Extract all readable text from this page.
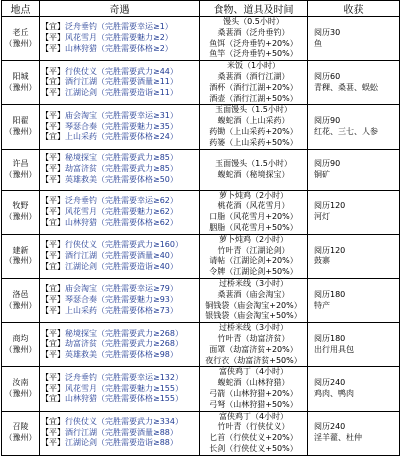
地点	奇遇	食物、道具及时间	收获

老丘
（豫州）	【宜】泛舟垂钓（完胜需要幸运≥1）
【平】风花雪月（完胜需要魅力≥2）
【平】山林狩猎（完胜需要体格≥2）	馒头（0.5小时）
桑葚酒（泛舟垂钓）
鱼饵（泛舟垂钓+20%）
鱼竿（泛舟垂钓+50%）	阅历30
鱼

阳城
（豫州）	【平】行侠仗义（完胜需要武力≥44）
【宜】酒行江湖（完胜需要酒量≥11）
【平】江湖论剑（完胜需要造诣≥11）	米饭（1小时）
桑葚酒（酒行江湖）
酒杯（酒行江湖+20%）
酒壶（酒行江湖+50%）	阅历60
青稞、桑葚、蜈蚣

阳翟
（豫州）	【平】庙会淘宝（完胜需要幸运≥31）
【平】琴瑟合奏（完胜需要魅力≥35）
【宜】上山采药（完胜需要体格≥24）	玉面馒头（1.5小时）
蝮蛇酒（上山采药）
药锄（上山采药+20%）
药篓（上山采药+50%）	阅历90
红花、三七、人参

许昌
（豫州）	【平】秘境探宝（完胜需要武力≥85）
【平】劫富济贫（完胜需要武力≥85）
【平】英雄救美（完胜需要体格≥50）	玉面馒头（1.5小时）
蝮蛇酒（秘境探宝）	阅历90
铜矿

牧野
（豫州）	【平】泛舟垂钓（完胜需要幸运≥62）
【平】风花雪月（完胜需要魅力≥62）
【宜】山林狩猎（完胜需要体格≥62）	萝卜炖鸡（2小时）
桃花酒（风花雪月）
口脂（风花雪月+20%）
胭脂（风花雪月+50%）	阅历120
河灯

建新
（豫州）	【平】行侠仗义（完胜需要武力≥160）
【平】酒行江湖（完胜需要酒量≥40）
【宜】江湖论剑（完胜需要造诣≥40）	萝卜炖鸡（2小时）
竹叶青（江湖论剑）
请帖（江湖论剑+20%）
令牌（江湖论剑+50%）	阅历120
鼓寨

洛邑
（豫州）	【宜】庙会淘宝（完胜需要幸运≥79）
【平】琴瑟合奏（完胜需要魅力≥93）
【平】上山采药（完胜需要体格≥73）	过桥米线（3小时）
桑葚酒（庙会淘宝）
铜钱袋（庙会淘宝+20%）
银钱袋（庙会淘宝+50%）	阅历180
特产

商均
（豫州）	【平】秘境探宝（完胜需要武力≥268）
【宜】劫富济贫（完胜需要武力≥268）
【平】英雄救美（完胜需要体格≥98）	过桥米线（3小时）
竹叶青（劫富济贫）
面罩（劫富济贫+20%）
夜行衣（劫富济贫+50%）	阅历180
出行用具包

汝南
（豫州）	【平】泛舟垂钓（完胜需要幸运≥132）
【平】风花雪月（完胜需要魅力≥155）
【宜】山林狩猎（完胜需要体格≥155）	富侠鸡丁（4小时）
蝮蛇酒（山林狩猎）
弓箭（山林狩猎+20%）
弓弩（山林狩猎+50%）	阅历240
鸡肉、鸭肉

召陵
（豫州）	【宜】行侠仗义（完胜需要武力≥334）
【平】酒行江湖（完胜需要酒量≥88）
【平】江湖论剑（完胜需要造诣≥88）	富侠鸡丁（4小时）
竹叶青（行侠仗义）
匕首（行侠仗义+20%）
长剑（行侠仗义+50%）	阅历240
淫羊藿、杜仲
